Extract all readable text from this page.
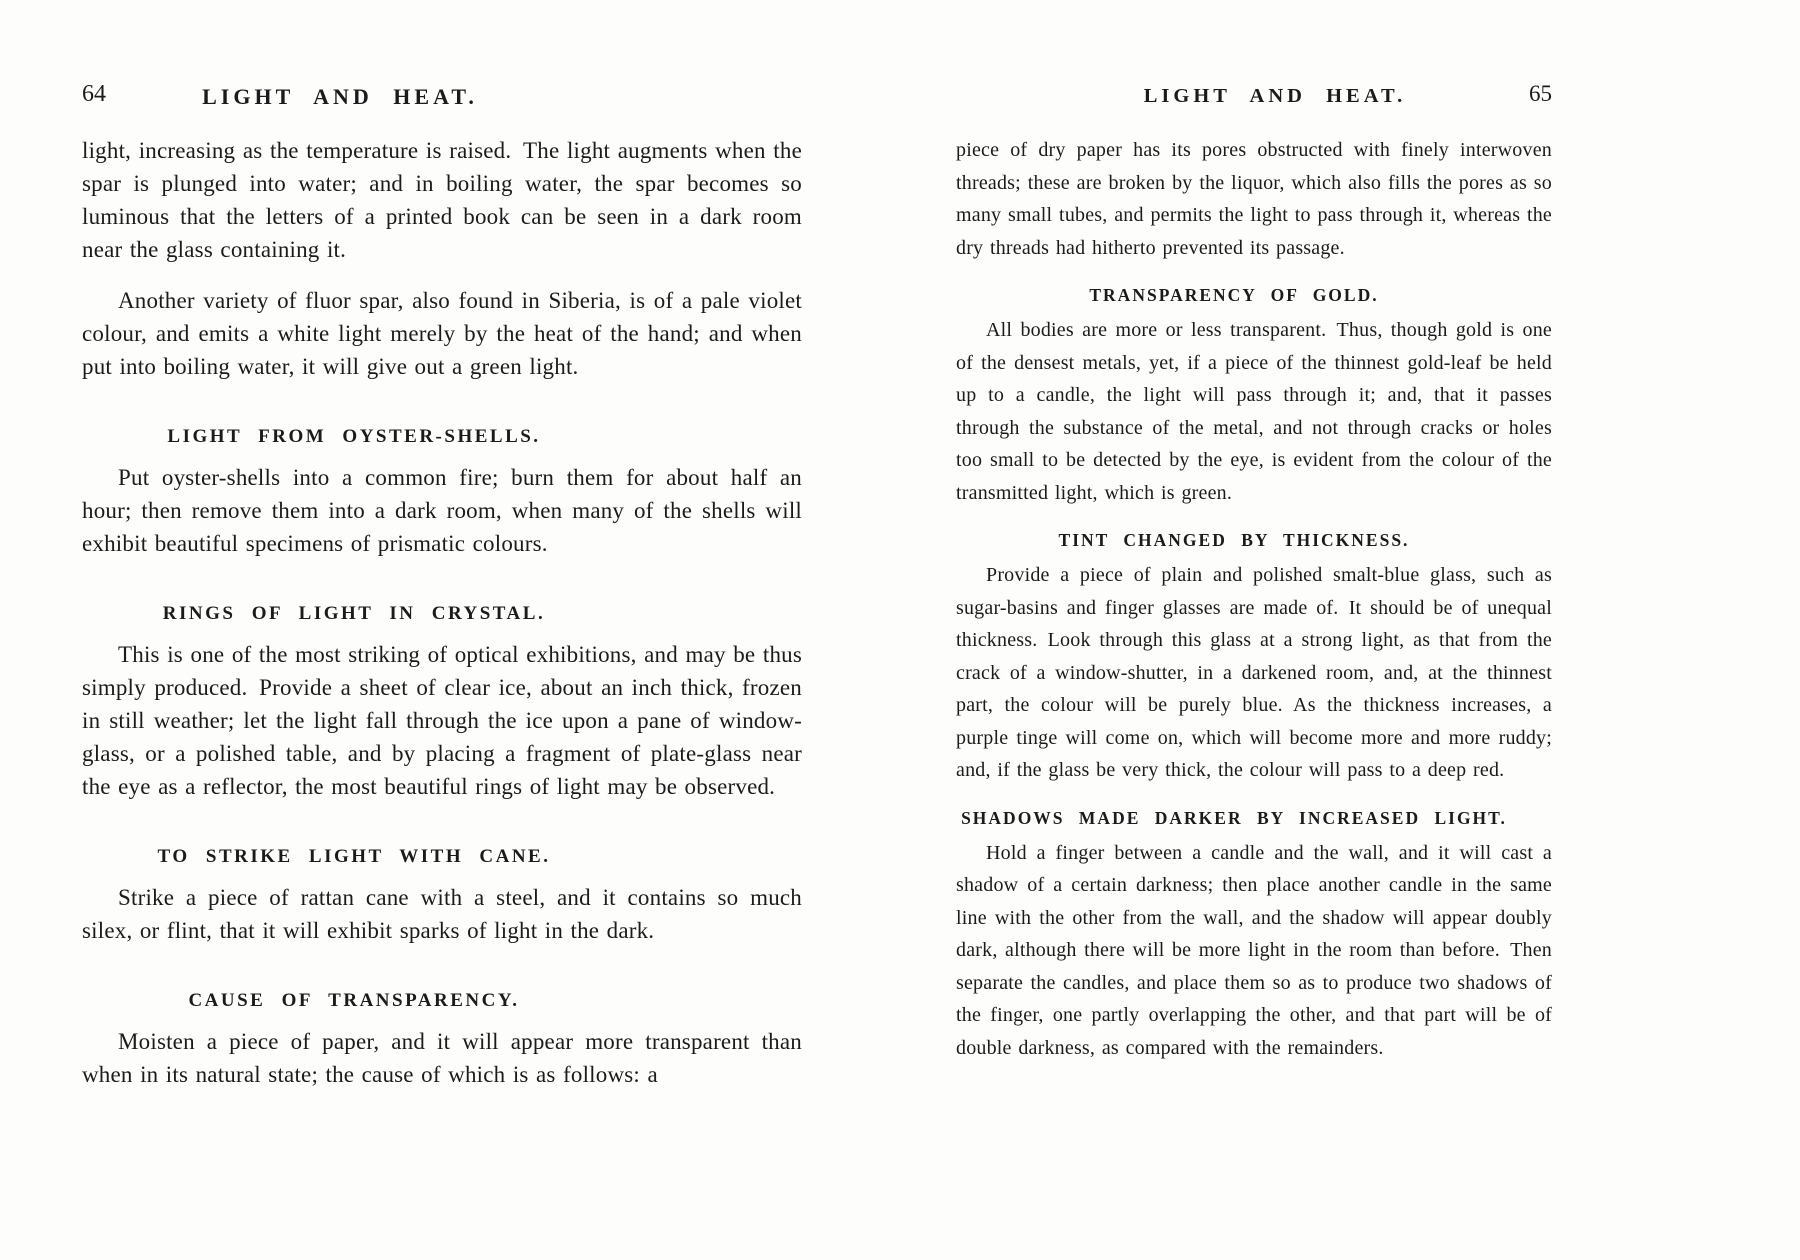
64	LIGHT AND HEAT.

light, increasing as the temperature is raised. The light augments when the spar is plunged into water; and in boiling water, the spar becomes so luminous that the letters of a printed book can be seen in a dark room near the glass containing it.

Another variety of fluor spar, also found in Siberia, is of a pale violet colour, and emits a white light merely by the heat of the hand; and when put into boiling water, it will give out a green light.

LIGHT FROM OYSTER-SHELLS.

Put oyster-shells into a common fire; burn them for about half an hour; then remove them into a dark room, when many of the shells will exhibit beautiful specimens of prismatic colours.

RINGS OF LIGHT IN CRYSTAL.

This is one of the most striking of optical exhibitions, and may be thus simply produced. Provide a sheet of clear ice, about an inch thick, frozen in still weather; let the light fall through the ice upon a pane of window-glass, or a polished table, and by placing a fragment of plate-glass near the eye as a reflector, the most beautiful rings of light may be observed.

TO STRIKE LIGHT WITH CANE.

Strike a piece of rattan cane with a steel, and it contains so much silex, or flint, that it will exhibit sparks of light in the dark.

CAUSE OF TRANSPARENCY.

Moisten a piece of paper, and it will appear more transparent than when in its natural state; the cause of which is as follows: a

LIGHT AND HEAT.	65

piece of dry paper has its pores obstructed with finely interwoven threads; these are broken by the liquor, which also fills the pores as so many small tubes, and permits the light to pass through it, whereas the dry threads had hitherto prevented its passage.

TRANSPARENCY OF GOLD.

All bodies are more or less transparent. Thus, though gold is one of the densest metals, yet, if a piece of the thinnest gold-leaf be held up to a candle, the light will pass through it; and, that it passes through the substance of the metal, and not through cracks or holes too small to be detected by the eye, is evident from the colour of the transmitted light, which is green.

TINT CHANGED BY THICKNESS.

Provide a piece of plain and polished smalt-blue glass, such as sugar-basins and finger glasses are made of. It should be of unequal thickness. Look through this glass at a strong light, as that from the crack of a window-shutter, in a darkened room, and, at the thinnest part, the colour will be purely blue. As the thickness increases, a purple tinge will come on, which will become more and more ruddy; and, if the glass be very thick, the colour will pass to a deep red.

SHADOWS MADE DARKER BY INCREASED LIGHT.

Hold a finger between a candle and the wall, and it will cast a shadow of a certain darkness; then place another candle in the same line with the other from the wall, and the shadow will appear doubly dark, although there will be more light in the room than before. Then separate the candles, and place them so as to produce two shadows of the finger, one partly overlapping the other, and that part will be of double darkness, as compared with the remainders.
